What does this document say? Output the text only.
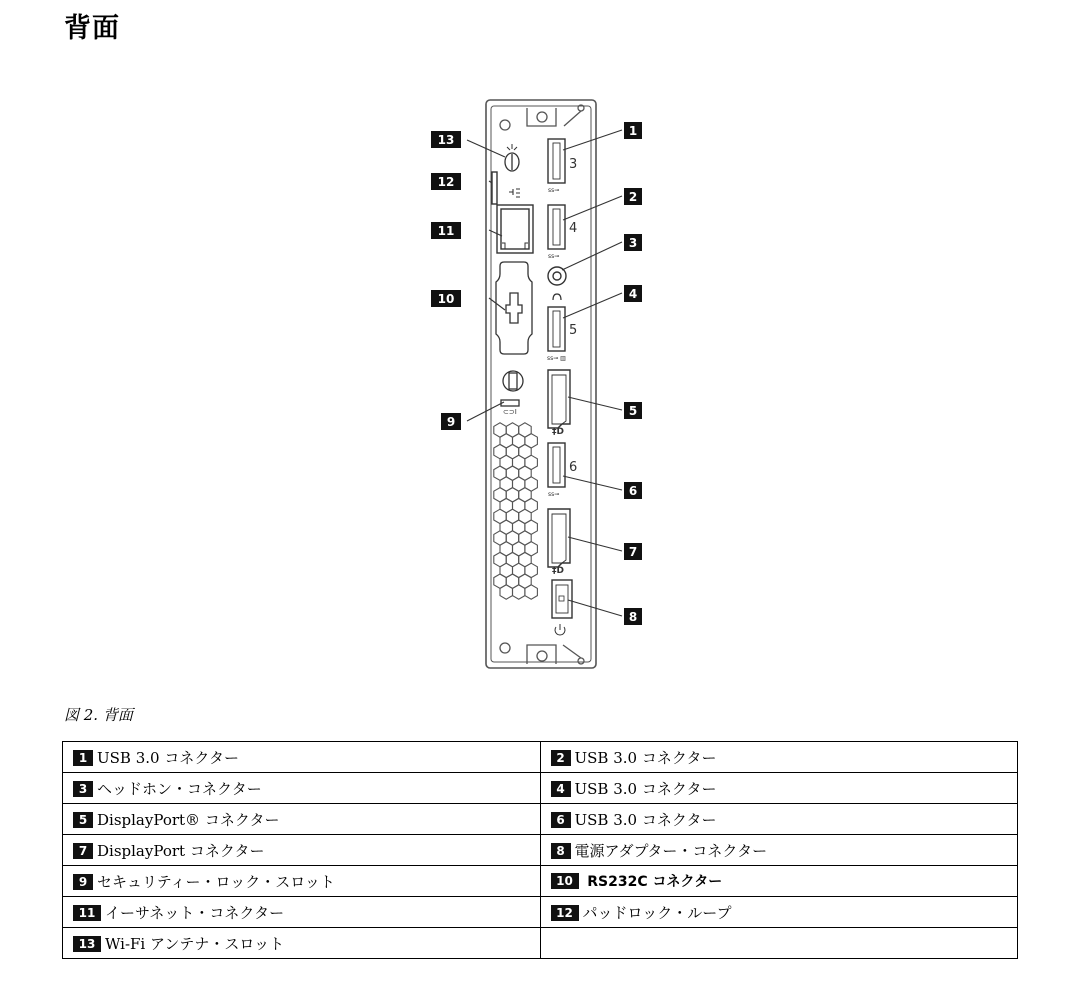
背面
⊂⊃I
ss⊸
ss⊸
ss⊸ ▥
‡D
ss⊸
‡D
3
4
5
6
1
2
3
4
5
6
7
8
9
10
11
12
13
図 2. 背面
1 USB 3.0 コネクター	2 USB 3.0 コネクター
3 ヘッドホン・コネクター	4 USB 3.0 コネクター
5 DisplayPort® コネクター	6 USB 3.0 コネクター
7 DisplayPort コネクター	8 電源アダプター・コネクター
9 セキュリティー・ロック・スロット	10 RS232C コネクター
11 イーサネット・コネクター	12 パッドロック・ループ
13 Wi-Fi アンテナ・スロット	
